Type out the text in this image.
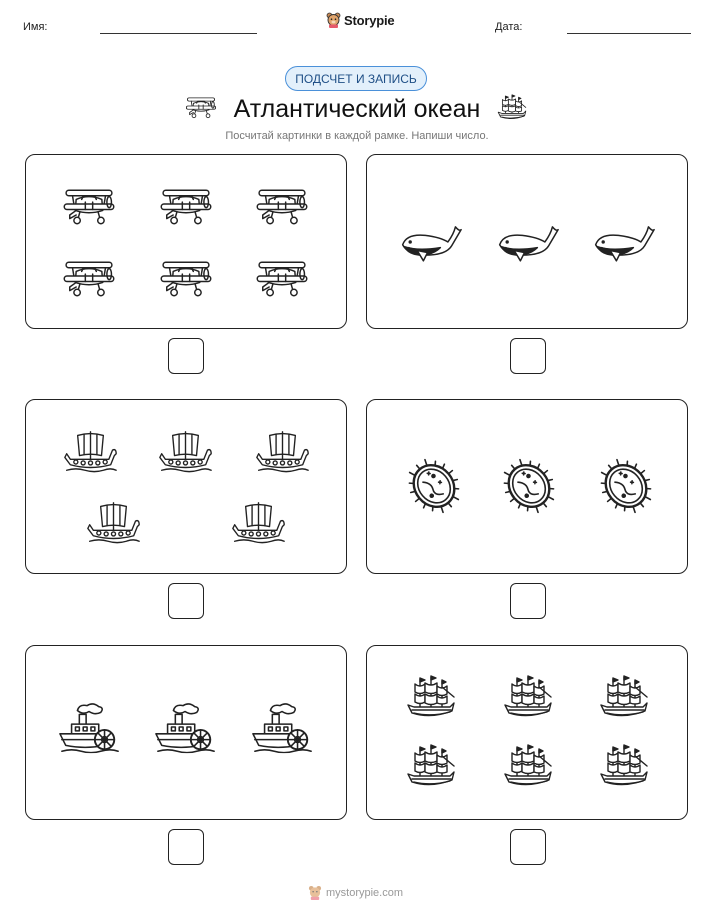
Имя:	Storypie	Дата:
ПОДСЧЕТ И ЗАПИСЬ
Атлантический океан
Посчитай картинки в каждой рамке. Напиши число.
mystorypie.com
